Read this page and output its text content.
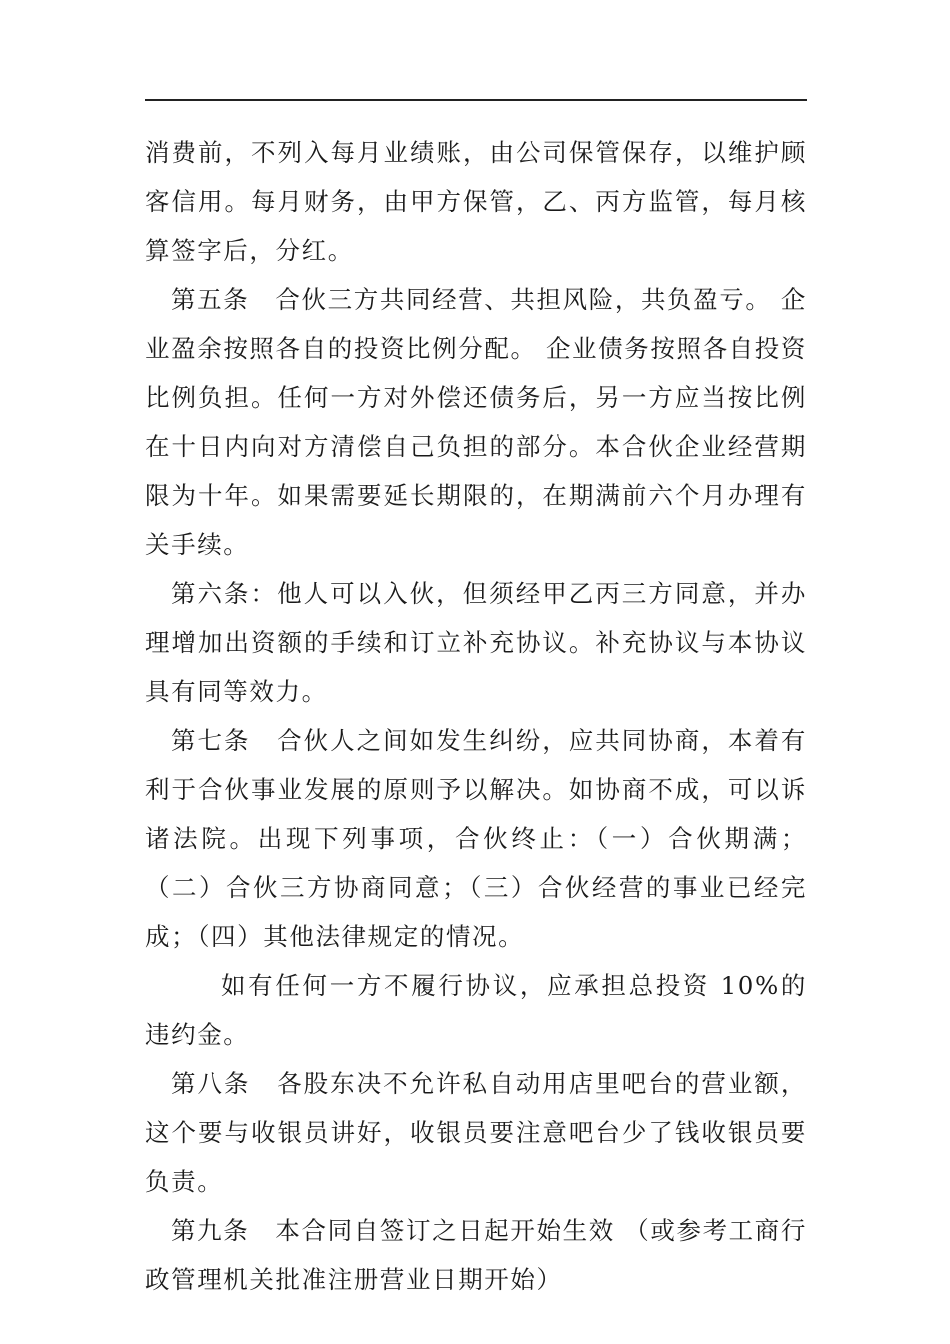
消费前，不列入每月业绩账，由公司保管保存，以维护顾客信用。每月财务，由甲方保管，乙、丙方监管，每月核算签字后，分红。

第五条　合伙三方共同经营、共担风险，共负盈亏。 企业盈余按照各自的投资比例分配。 企业债务按照各自投资比例负担。任何一方对外偿还债务后，另一方应当按比例在十日内向对方清偿自己负担的部分。本合伙企业经营期限为十年。如果需要延长期限的，在期满前六个月办理有关手续。

第六条：他人可以入伙，但须经甲乙丙三方同意，并办理增加出资额的手续和订立补充协议。补充协议与本协议具有同等效力。

第七条　合伙人之间如发生纠纷，应共同协商，本着有利于合伙事业发展的原则予以解决。如协商不成，可以诉诸法院。出现下列事项，合伙终止：（一）合伙期满；（二）合伙三方协商同意；（三）合伙经营的事业已经完成；（四）其他法律规定的情况。

如有任何一方不履行协议，应承担总投资 10%的违约金。

第八条　各股东决不允许私自动用店里吧台的营业额，这个要与收银员讲好，收银员要注意吧台少了钱收银员要负责。

第九条　本合同自签订之日起开始生效 （或参考工商行政管理机关批准注册营业日期开始）
